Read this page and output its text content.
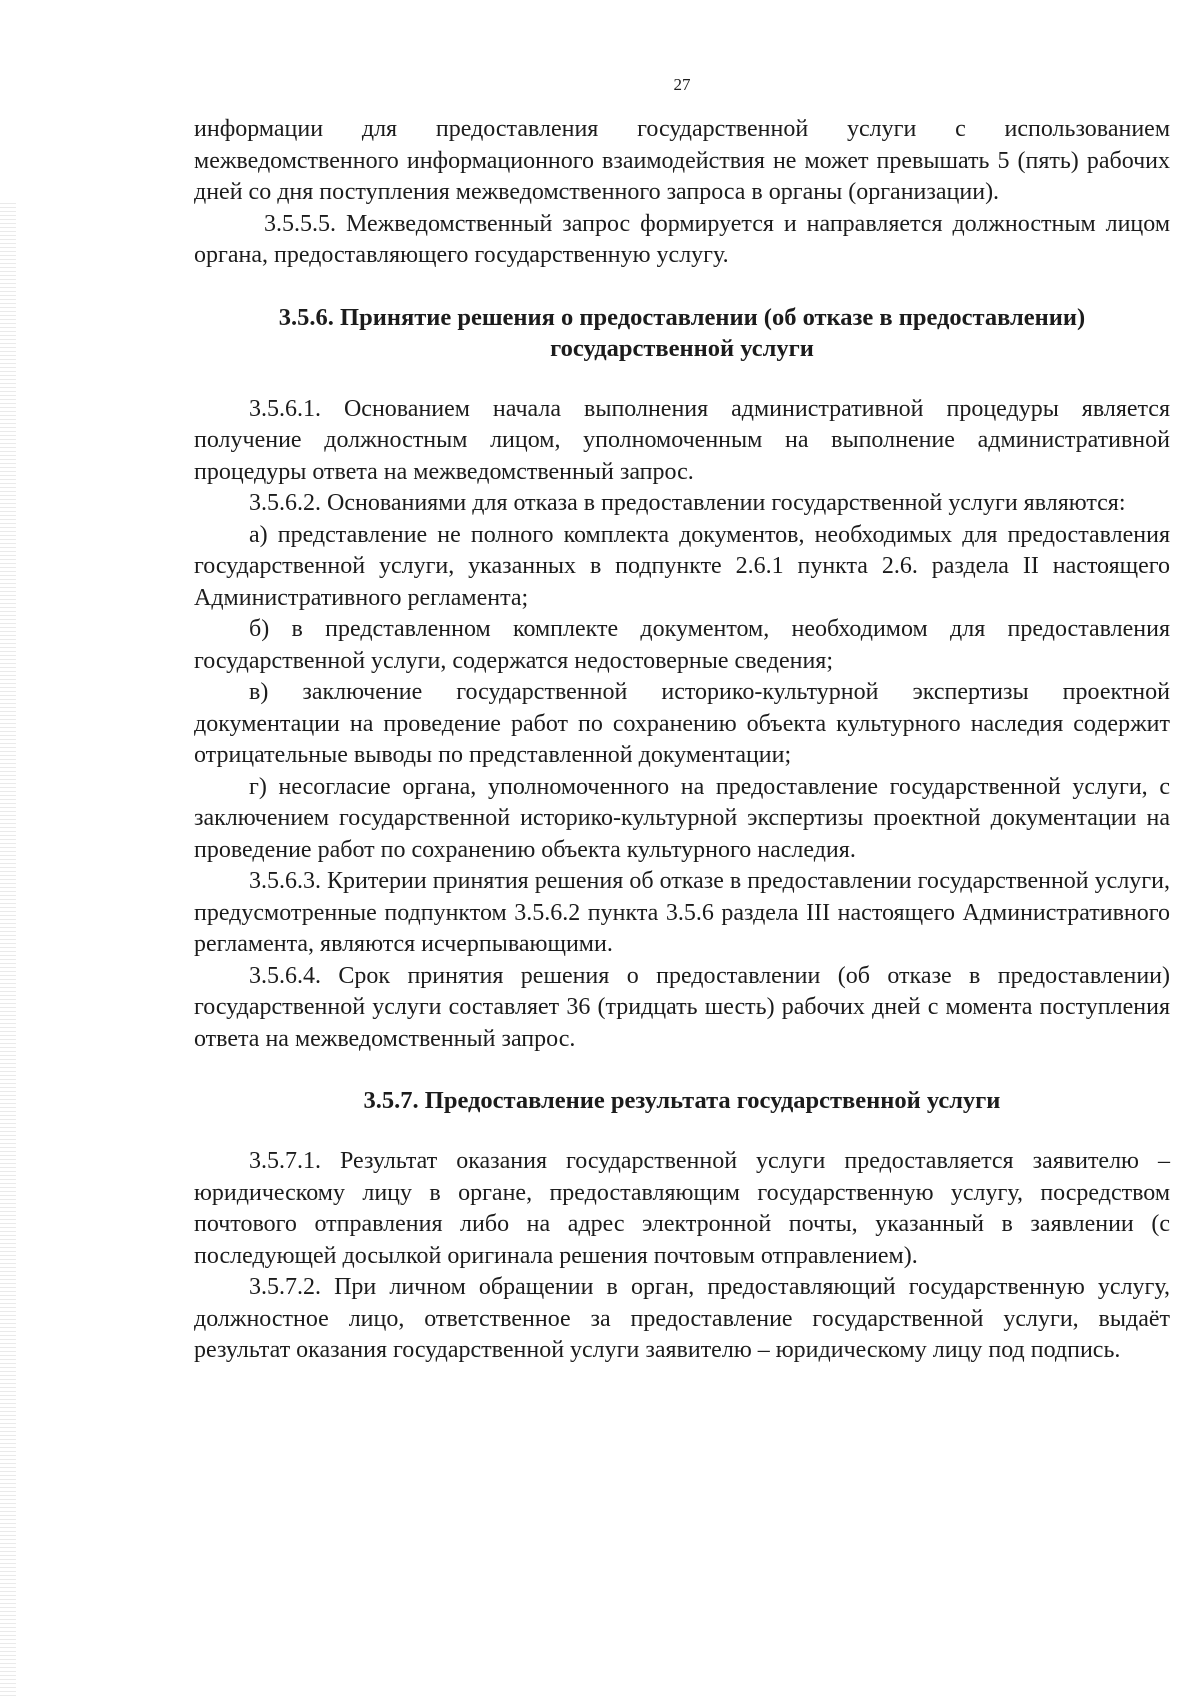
27

информации для предоставления государственной услуги с использованием межведомственного информационного взаимодействия не может превышать 5 (пять) рабочих дней со дня поступления межведомственного запроса в органы (организации).

3.5.5.5. Межведомственный запрос формируется и направляется должностным лицом органа, предоставляющего государственную услугу.

3.5.6. Принятие решения о предоставлении (об отказе в предоставлении)
государственной услуги

3.5.6.1. Основанием начала выполнения административной процедуры является получение должностным лицом, уполномоченным на выполнение административной процедуры ответа на межведомственный запрос.

3.5.6.2. Основаниями для отказа в предоставлении государственной услуги являются:

а) представление не полного комплекта документов, необходимых для предоставления государственной услуги, указанных в подпункте 2.6.1 пункта 2.6. раздела II настоящего Административного регламента;

б) в представленном комплекте документом, необходимом для предоставления государственной услуги, содержатся недостоверные сведения;

в) заключение государственной историко-культурной экспертизы проектной документации на проведение работ по сохранению объекта культурного наследия содержит отрицательные выводы по представленной документации;

г) несогласие органа, уполномоченного на предоставление государственной услуги, с заключением государственной историко-культурной экспертизы проектной документации на проведение работ по сохранению объекта культурного наследия.

3.5.6.3. Критерии принятия решения об отказе в предоставлении государственной услуги, предусмотренные подпунктом 3.5.6.2 пункта 3.5.6 раздела III настоящего Административного регламента, являются исчерпывающими.

3.5.6.4. Срок принятия решения о предоставлении (об отказе в предоставлении) государственной услуги составляет 36 (тридцать шесть) рабочих дней с момента поступления ответа на межведомственный запрос.

3.5.7. Предоставление результата государственной услуги

3.5.7.1. Результат оказания государственной услуги предоставляется заявителю – юридическому лицу в органе, предоставляющим государственную услугу, посредством почтового отправления либо на адрес электронной почты, указанный в заявлении (с последующей досылкой оригинала решения почтовым отправлением).

3.5.7.2. При личном обращении в орган, предоставляющий государственную услугу, должностное лицо, ответственное за предоставление государственной услуги, выдаёт результат оказания государственной услуги заявителю – юридическому лицу под подпись.
